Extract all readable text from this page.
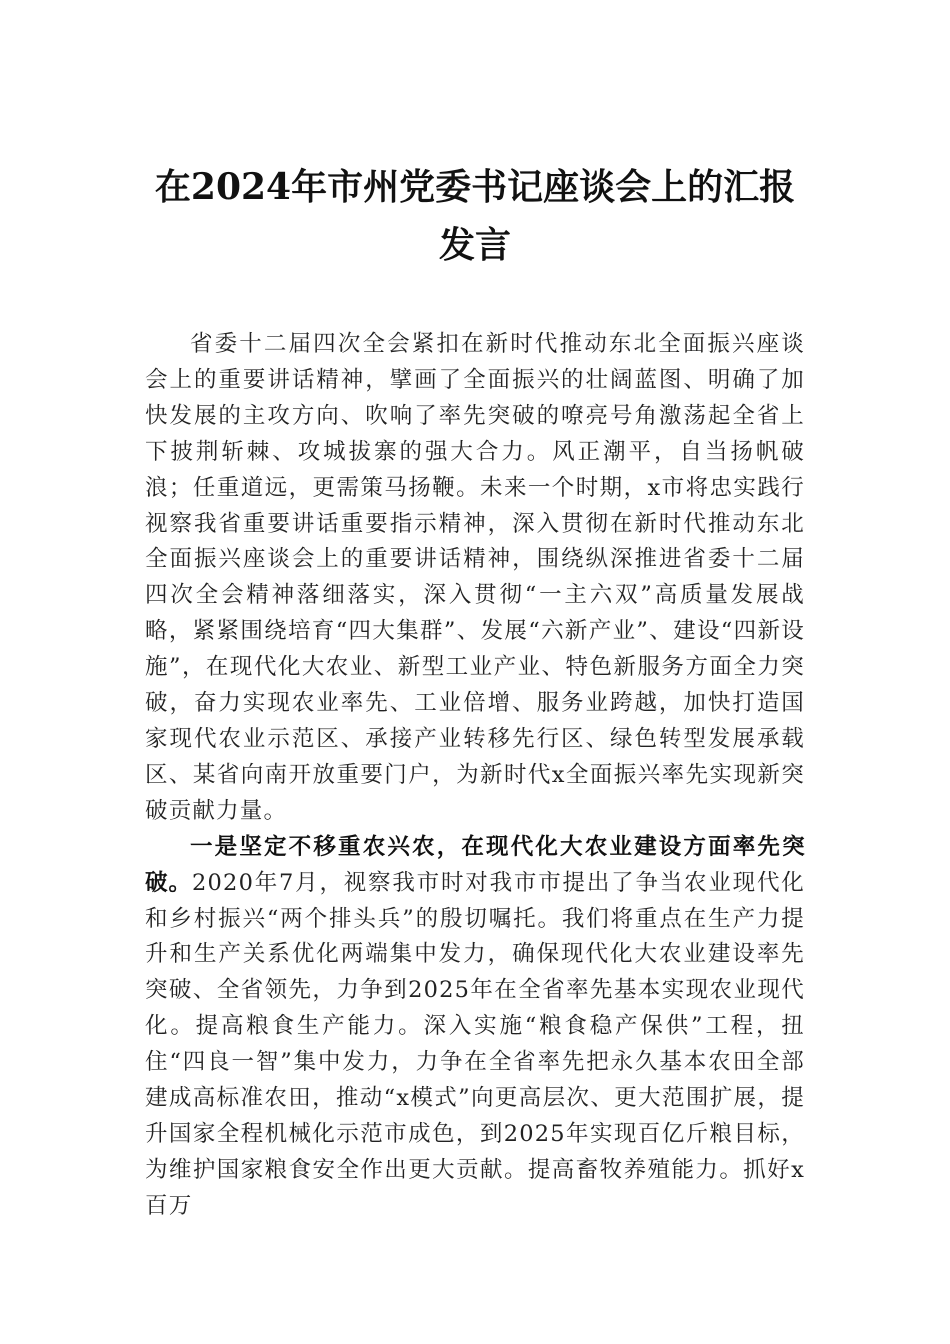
在2024年市州党委书记座谈会上的汇报发言

省委十二届四次全会紧扣在新时代推动东北全面振兴座谈会上的重要讲话精神，擘画了全面振兴的壮阔蓝图、明确了加快发展的主攻方向、吹响了率先突破的嘹亮号角激荡起全省上下披荆斩棘、攻城拔寨的强大合力。风正潮平，自当扬帆破浪；任重道远，更需策马扬鞭。未来一个时期，x市将忠实践行视察我省重要讲话重要指示精神，深入贯彻在新时代推动东北全面振兴座谈会上的重要讲话精神，围绕纵深推进省委十二届四次全会精神落细落实，深入贯彻“一主六双”高质量发展战略，紧紧围绕培育“四大集群”、发展“六新产业”、建设“四新设施”，在现代化大农业、新型工业产业、特色新服务方面全力突破，奋力实现农业率先、工业倍增、服务业跨越，加快打造国家现代农业示范区、承接产业转移先行区、绿色转型发展承载区、某省向南开放重要门户，为新时代x全面振兴率先实现新突破贡献力量。

一是坚定不移重农兴农，在现代化大农业建设方面率先突破。2020年7月，视察我市时对我市市提出了争当农业现代化和乡村振兴“两个排头兵”的殷切嘱托。我们将重点在生产力提升和生产关系优化两端集中发力，确保现代化大农业建设率先突破、全省领先，力争到2025年在全省率先基本实现农业现代化。提高粮食生产能力。深入实施“粮食稳产保供”工程，扭住“四良一智”集中发力，力争在全省率先把永久基本农田全部建成高标准农田，推动“x模式”向更高层次、更大范围扩展，提升国家全程机械化示范市成色，到2025年实现百亿斤粮目标，为维护国家粮食安全作出更大贡献。提高畜牧养殖能力。抓好x百万
